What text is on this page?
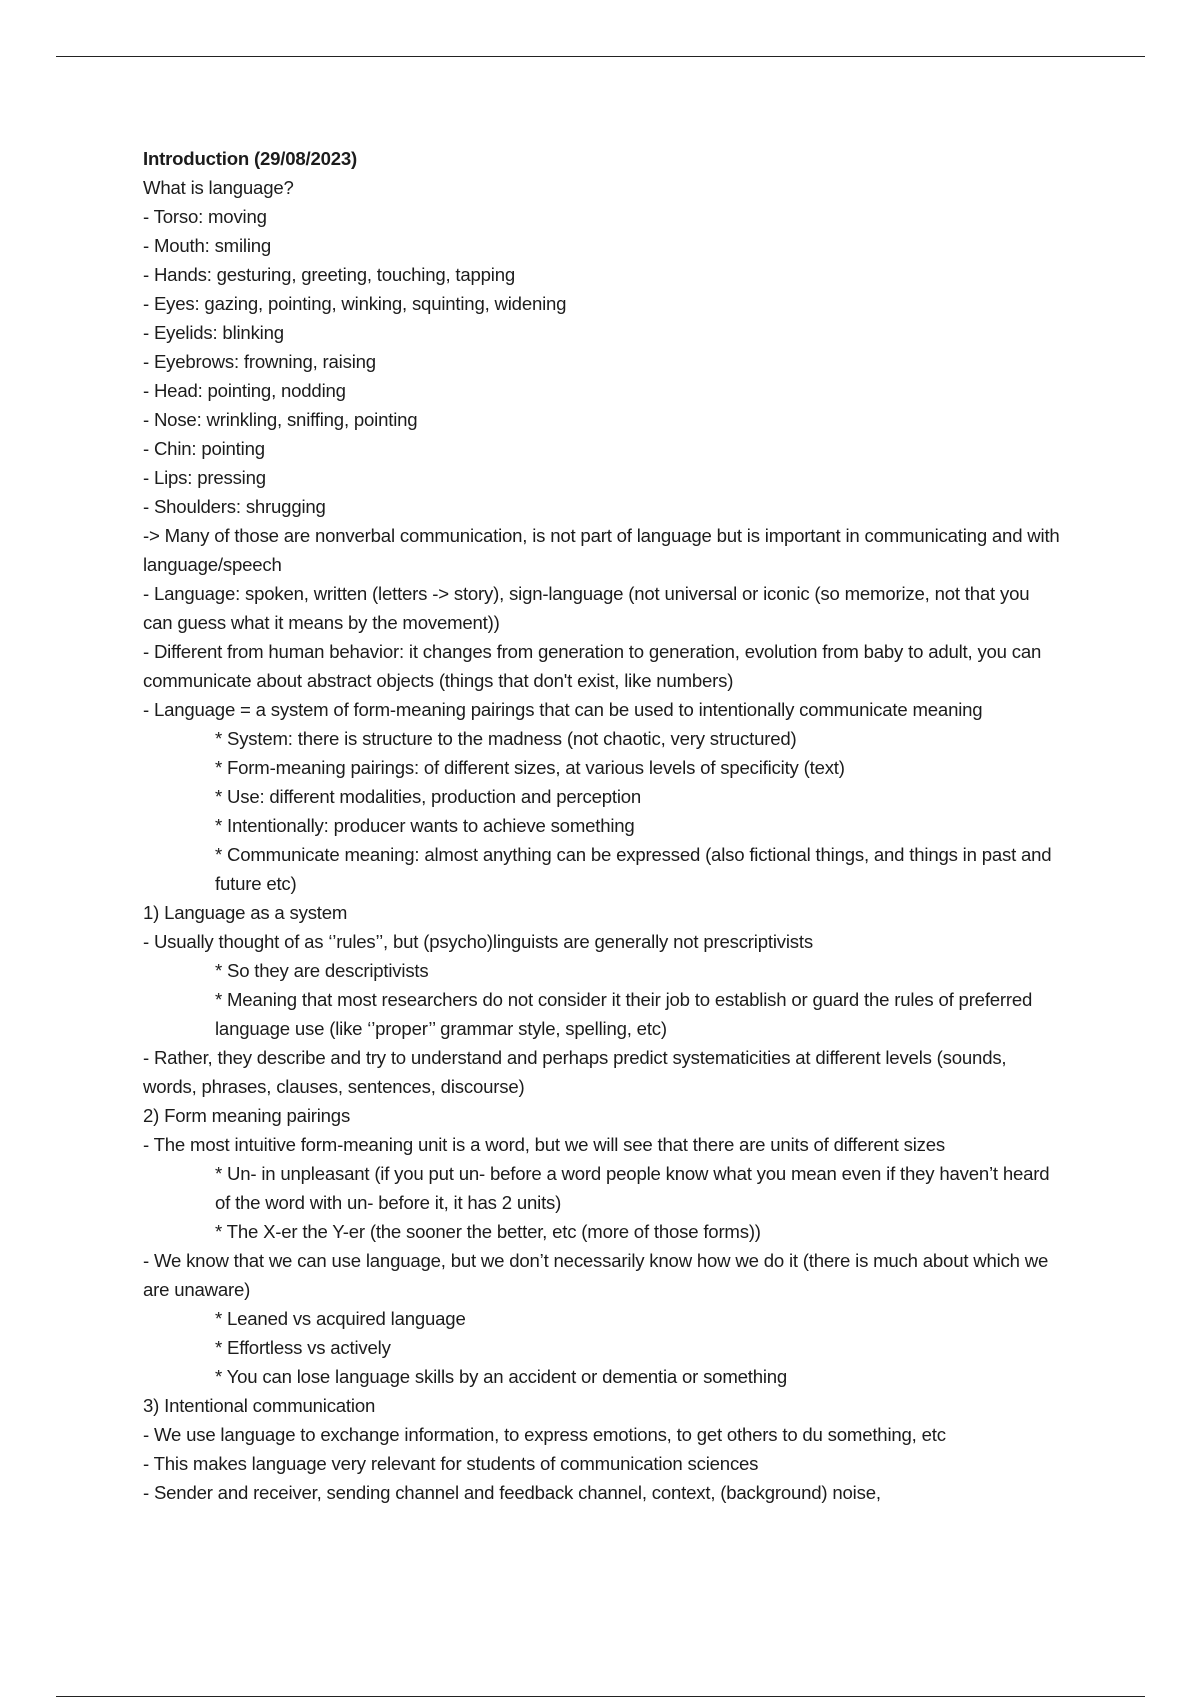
Introduction (29/08/2023)

What is language?

- Torso: moving

- Mouth: smiling

- Hands: gesturing, greeting, touching, tapping

- Eyes: gazing, pointing, winking, squinting, widening

- Eyelids: blinking

- Eyebrows: frowning, raising

- Head: pointing, nodding

- Nose: wrinkling, sniffing, pointing

- Chin: pointing

- Lips: pressing

- Shoulders: shrugging

-> Many of those are nonverbal communication, is not part of language but is important in communicating and with language/speech

- Language: spoken, written (letters -> story), sign-language (not universal or iconic (so memorize, not that you can guess what it means by the movement))

- Different from human behavior: it changes from generation to generation, evolution from baby to adult, you can communicate about abstract objects (things that don't exist, like numbers)

- Language = a system of form-meaning pairings that can be used to intentionally communicate meaning

* System: there is structure to the madness (not chaotic, very structured)

* Form-meaning pairings: of different sizes, at various levels of specificity (text)

* Use: different modalities, production and perception

* Intentionally: producer wants to achieve something

* Communicate meaning: almost anything can be expressed (also fictional things, and things in past and future etc)

1) Language as a system

- Usually thought of as ‘’rules’’, but (psycho)linguists are generally not prescriptivists

* So they are descriptivists

* Meaning that most researchers do not consider it their job to establish or guard the rules of preferred language use (like ‘’proper’’ grammar style, spelling, etc)

- Rather, they describe and try to understand and perhaps predict systematicities at different levels (sounds, words, phrases, clauses, sentences, discourse)

2) Form meaning pairings

- The most intuitive form-meaning unit is a word, but we will see that there are units of different sizes

* Un- in unpleasant (if you put un- before a word people know what you mean even if they haven’t heard of the word with un- before it, it has 2 units)

* The X-er the Y-er (the sooner the better, etc (more of those forms))

- We know that we can use language, but we don’t necessarily know how we do it (there is much about which we are unaware)

* Leaned vs acquired language

* Effortless vs actively

* You can lose language skills by an accident or dementia or something

3) Intentional communication

- We use language to exchange information, to express emotions, to get others to du something, etc

- This makes language very relevant for students of communication sciences

- Sender and receiver, sending channel and feedback channel, context, (background) noise,
